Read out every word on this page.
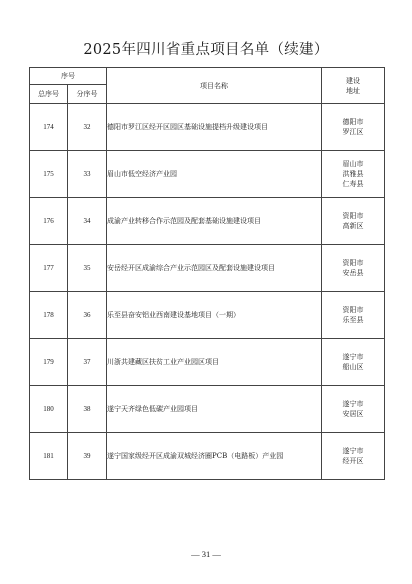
2025年四川省重点项目名单（续建）
序号		项目名称	建设
地址
总序号	分序号		
174	32	德阳市罗江区经开区园区基础设施提档升级建设项目	德阳市
罗江区

175	33	眉山市低空经济产业园	眉山市
洪雅县
仁寿县

176	34	成渝产业转移合作示范园及配套基础设施建设项目	资阳市
高新区

177	35	安岳经开区成渝综合产业示范园区及配套设施建设项目	资阳市
安岳县

178	36	乐至县奋安铝业西南建设基地项目（一期）	资阳市
乐至县

179	37	川浙共建藏区扶贫工业产业园区项目	遂宁市
船山区

180	38	遂宁天齐绿色低碳产业园项目	遂宁市
安居区

181	39	遂宁国家级经开区成渝双城经济圈PCB（电路板）产业园	遂宁市
经开区
— 31 —
